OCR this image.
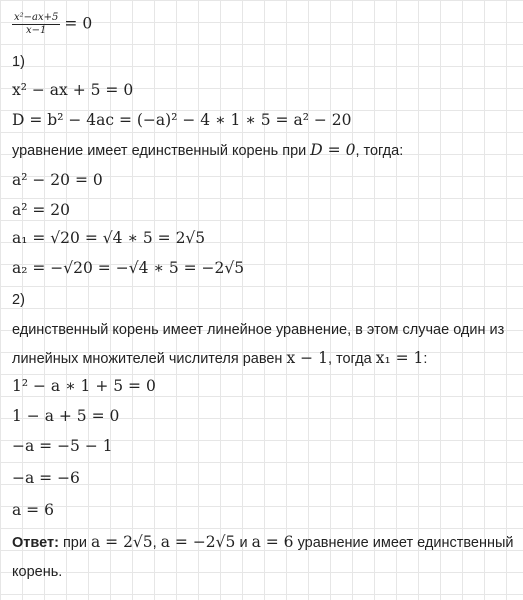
$\frac{\text{x²−ax+5}}{x-1} = 0$
1)
x² − ax + 5 = 0
D = b² − 4ac = (−a)² − 4 ∗ 1 ∗ 5 = a² − 20
уравнение имеет единственный корень при D = 0, тогда:
a² − 20 = 0
a² = 20
a₁ = √20 = √4 ∗ 5 = 2√5
a₂ = −√20 = −√4 ∗ 5 = −2√5
2)
единственный корень имеет линейное уравнение, в этом случае один из
линейных множителей числителя равен x − 1, тогда x₁ = 1:
1² − a ∗ 1 + 5 = 0
1 − a + 5 = 0
−a = −5 − 1
−a = −6
a = 6
Ответ: при a = 2√5, a = −2√5 и a = 6 уравнение имеет единственный
корень.
